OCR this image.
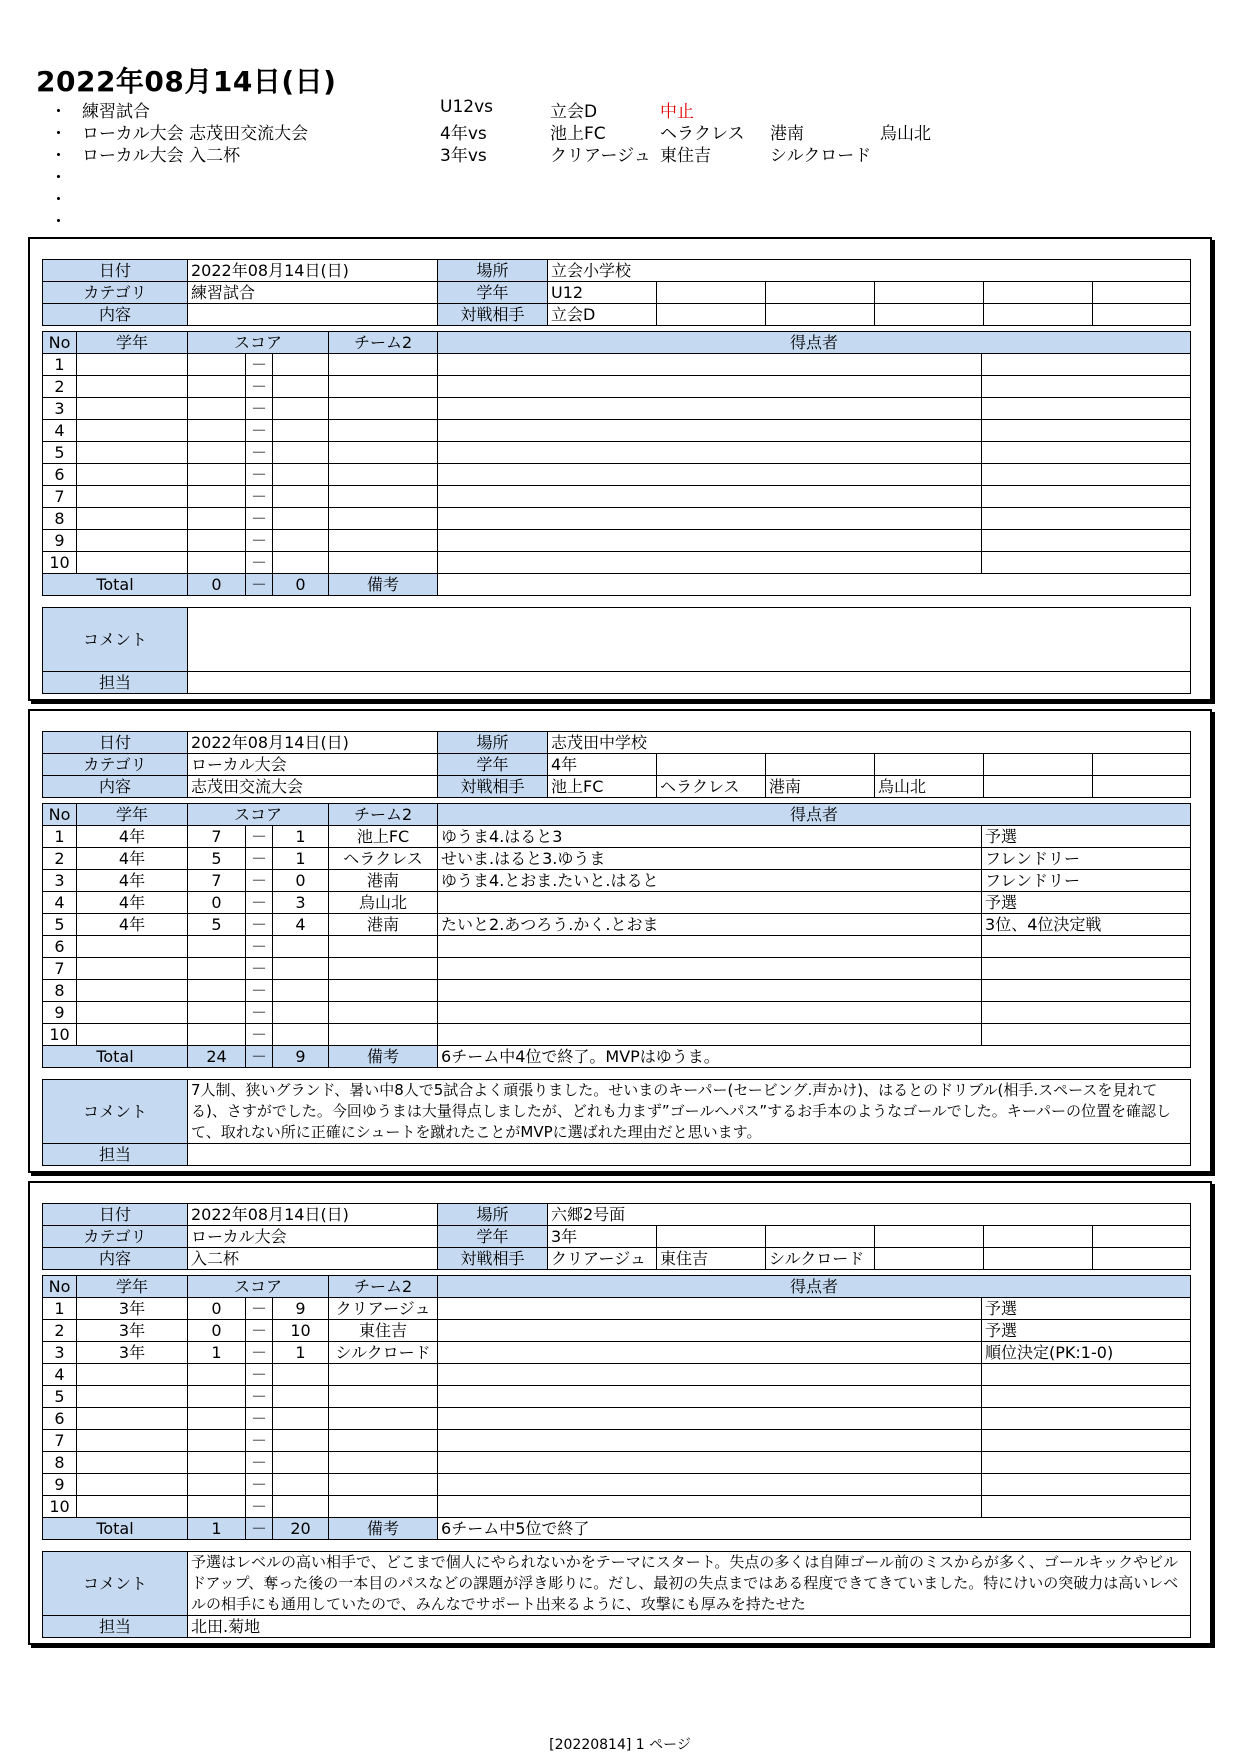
2022年08月14日(日)
・ 練習試合	U12vs	立会D	中止
・ ローカル大会 志茂田交流大会	4年vs	池上FC	ヘラクレス 港南	烏山北
・ ローカル大会 入二杯	3年vs	クリアージュ 東住吉	シルクロード
・
・
・
日付	2022年08月14日(日)	場所	立会小学校					
カテゴリ	練習試合	学年	U12					
内容		対戦相手	立会D					
No	学年	スコア			チーム2	得点者	
1			－				
2			－				
3			－				
4			－				
5			－				
6			－				
7			－				
8			－				
9			－				
10			－				
Total		0	－	0	備考		
コメント	
担当	
日付	2022年08月14日(日)	場所	志茂田中学校					
カテゴリ	ローカル大会	学年	4年					
内容	志茂田交流大会	対戦相手	池上FC	ヘラクレス	港南	烏山北		
No	学年	スコア			チーム2	得点者	
1	4年	7	－	1	池上FC	ゆうま4.はると3	予選
2	4年	5	－	1	ヘラクレス	せいま.はると3.ゆうま	フレンドリー
3	4年	7	－	0	港南	ゆうま4.とおま.たいと.はると	フレンドリー
4	4年	0	－	3	烏山北		予選
5	4年	5	－	4	港南	たいと2.あつろう.かく.とおま	3位、4位決定戦
6			－				
7			－				
8			－				
9			－				
10			－				
Total		24	－	9	備考	6チーム中4位で終了。MVPはゆうま。	
コメント	7人制、狭いグランド、暑い中8人で5試合よく頑張りました。せいまのキーパー(セービング.声かけ)、はるとのドリブル(相手.スペースを見れてる)、さすがでした。今回ゆうまは大量得点しましたが、どれも力まず”ゴールへパス”するお手本のようなゴールでした。キーパーの位置を確認して、取れない所に正確にシュートを蹴れたことがMVPに選ばれた理由だと思います。
担当	
日付	2022年08月14日(日)	場所	六郷2号面					
カテゴリ	ローカル大会	学年	3年					
内容	入二杯	対戦相手	クリアージュ	東住吉	シルクロード			
No	学年	スコア			チーム2	得点者	
1	3年	0	－	9	クリアージュ		予選
2	3年	0	－	10	東住吉		予選
3	3年	1	－	1	シルクロード		順位決定(PK:1-0)
4			－				
5			－				
6			－				
7			－				
8			－				
9			－				
10			－				
Total		1	－	20	備考	6チーム中5位で終了	
コメント	予選はレベルの高い相手で、どこまで個人にやられないかをテーマにスタート。失点の多くは自陣ゴール前のミスからが多く、ゴールキックやビルドアップ、奪った後の一本目のパスなどの課題が浮き彫りに。だし、最初の失点まではある程度できてきていました。特にけいの突破力は高いレベルの相手にも通用していたので、みんなでサポート出来るように、攻撃にも厚みを持たせた
担当	北田.菊地
[20220814] 1 ページ
